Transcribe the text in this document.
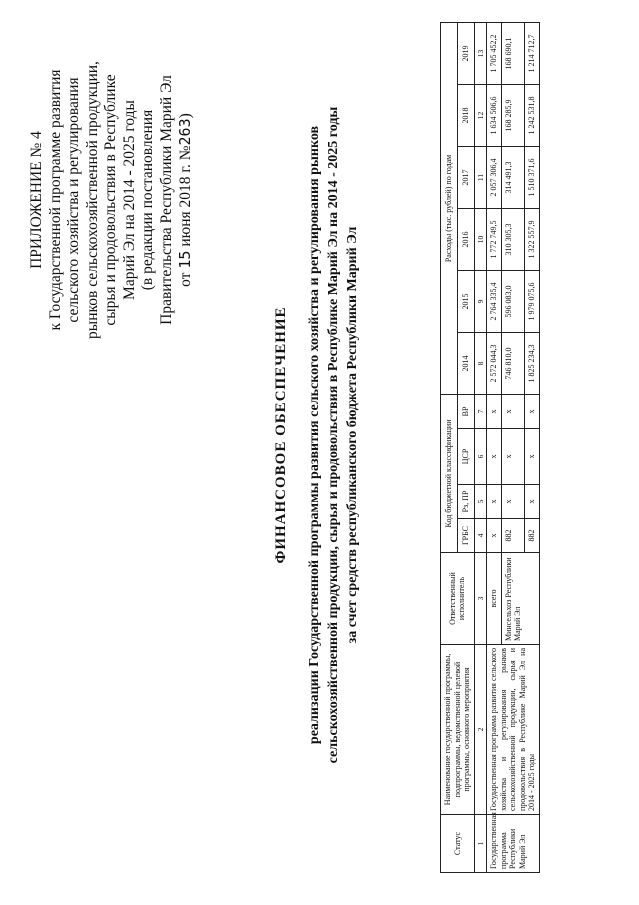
ПРИЛОЖЕНИЕ № 4 к Государственной программе развития сельского хозяйства и регулирования рынков сельскохозяйственной продукции, сырья и продовольствия в Республике Марий Эл на 2014 - 2025 годы (в редакции постановления Правительства Республики Марий Эл от 15 июня 2018 г. №263)
ФИНАНСОВОЕ ОБЕСПЕЧЕНИЕ реализации Государственной программы развития сельского хозяйства и регулирования рынков сельскохозяйственной продукции, сырья и продовольствия в Республике Марий Эл на 2014 - 2025 годы за счет средств республиканского бюджета Республики Марий Эл
Статус	Наименование государственной программы, подпрограммы, ведомственной целевой программы, основного мероприятия	Ответственный исполнитель	Код бюджетной классификации				Расходы (тыс. рублей) по годам					
			ГРБС	Рз, ПР	ЦСР	ВР	2014	2015	2016	2017	2018	2019
1	2	3	4	5	6	7	8	9	10	11	12	13
Государственная программа Республики Марий Эл	Государственная программа развития сельского хозяйства и регулирования рынков сельскохозяйственной продукции, сырья и продовольствия в Республике Марий Эл на 2014 - 2025 годы	всего	х	х	х	х	2 572 044,3	2 764 335,4	1 772 749,5	2 057 306,4	1 634 506,6	1 705 452,2
		Минсельхоз Республики Марий Эл	882	х	х	х	746 810,0	596 083,0	310 305,3	314 491,3	168 285,9	168 690,1
			882	х	х	х	1 825 234,3	1 979 075,6	1 322 557,9	1 510 371,6	1 242 531,8	1 214 712,7
